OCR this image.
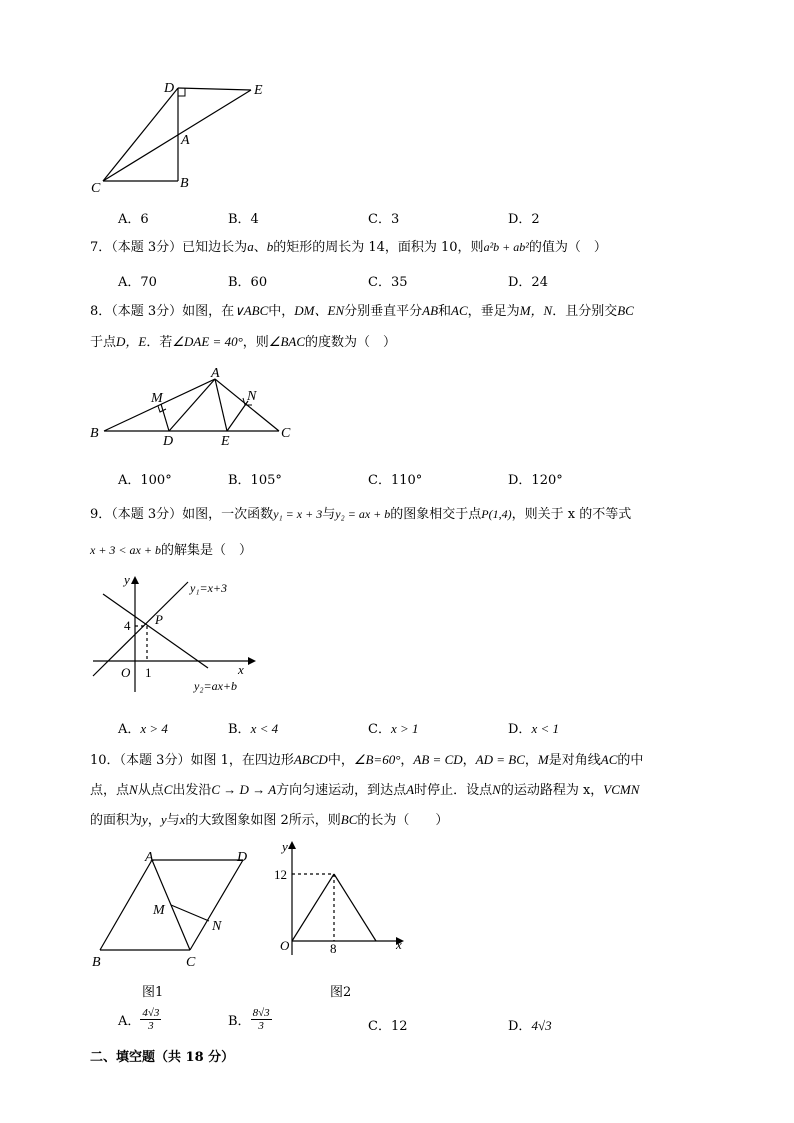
D	E
A
C	B
A．6	B．4	C．3	D．2
7．（本题 3分）已知边长为a、b的矩形的周长为 14，面积为 10，则a²b + ab²的值为（　）
A．70	B．60	C．35	D．24
8．（本题 3分）如图，在∨ABC中，DM、EN分别垂直平分AB和AC，垂足为M，N．且分别交BC
于点D，E．若∠DAE = 40°，则∠BAC的度数为（　）
A
M	N
B
D	E
C
A．100°	B．105°	C．110°	D．120°
9．（本题 3分）如图，一次函数y₁ = x + 3与y₂ = ax + b的图象相交于点P(1,4)，则关于 x 的不等式
x + 3 < ax + b的解集是（　）
y
x
O
4
1
P
y₁=x+3
y₂=ax+b
A．x > 4	B．x < 4	C．x > 1	D．x < 1
10．（本题 3分）如图 1，在四边形ABCD中，∠B=60°，AB = CD，AD = BC，M是对角线AC的中
点，点N从点C出发沿C → D → A方向匀速运动，到达点A时停止．设点N的运动路程为 x，VCMN
的面积为y，y与x的大致图象如图 2所示，则BC的长为（　　）
A	D
M
N
B	C
图1
y
x
O
12
8
图2
A． $\frac{4√3}{3}$	B． $\frac{8√3}{3}$	C．12	D．4√3
二、填空题（共 18 分）
